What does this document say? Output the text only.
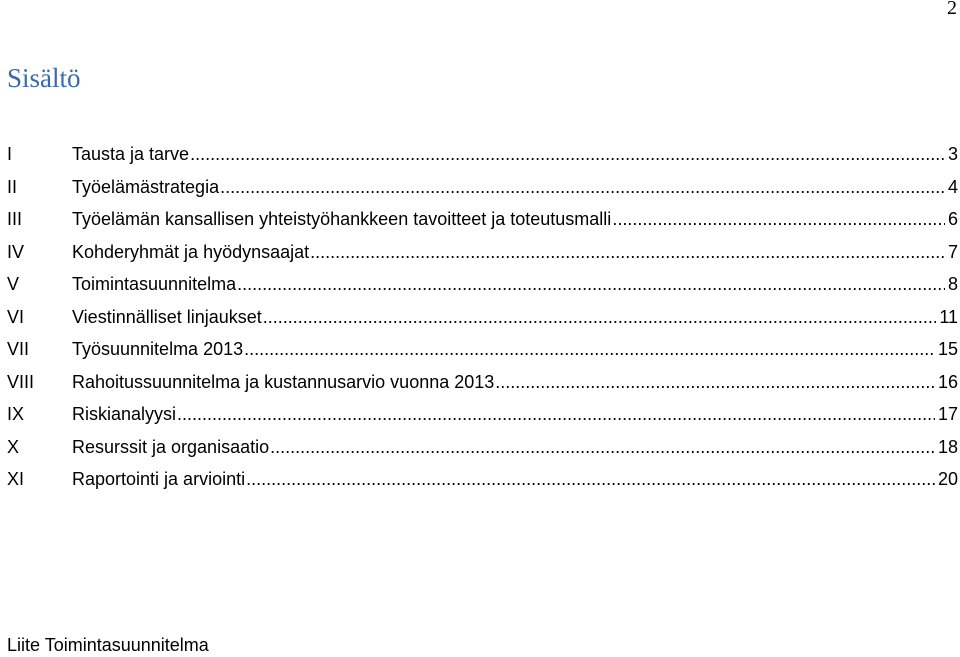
2
Sisältö
I	Tausta ja tarve .....	3
II	Työelämästrategia .....	4
III	Työelämän kansallisen yhteistyöhankkeen tavoitteet ja toteutusmalli .....	6
IV	Kohderyhmät ja hyödynsaajat .....	7
V	Toimintasuunnitelma .....	8
VI	Viestinnälliset linjaukset .....	11
VII	Työsuunnitelma 2013 .....	15
VIII	Rahoitussuunnitelma ja kustannusarvio vuonna 2013 .....	16
IX	Riskianalyysi .....	17
X	Resurssit ja organisaatio .....	18
XI	Raportointi ja arviointi .....	20
Liite Toimintasuunnitelma
